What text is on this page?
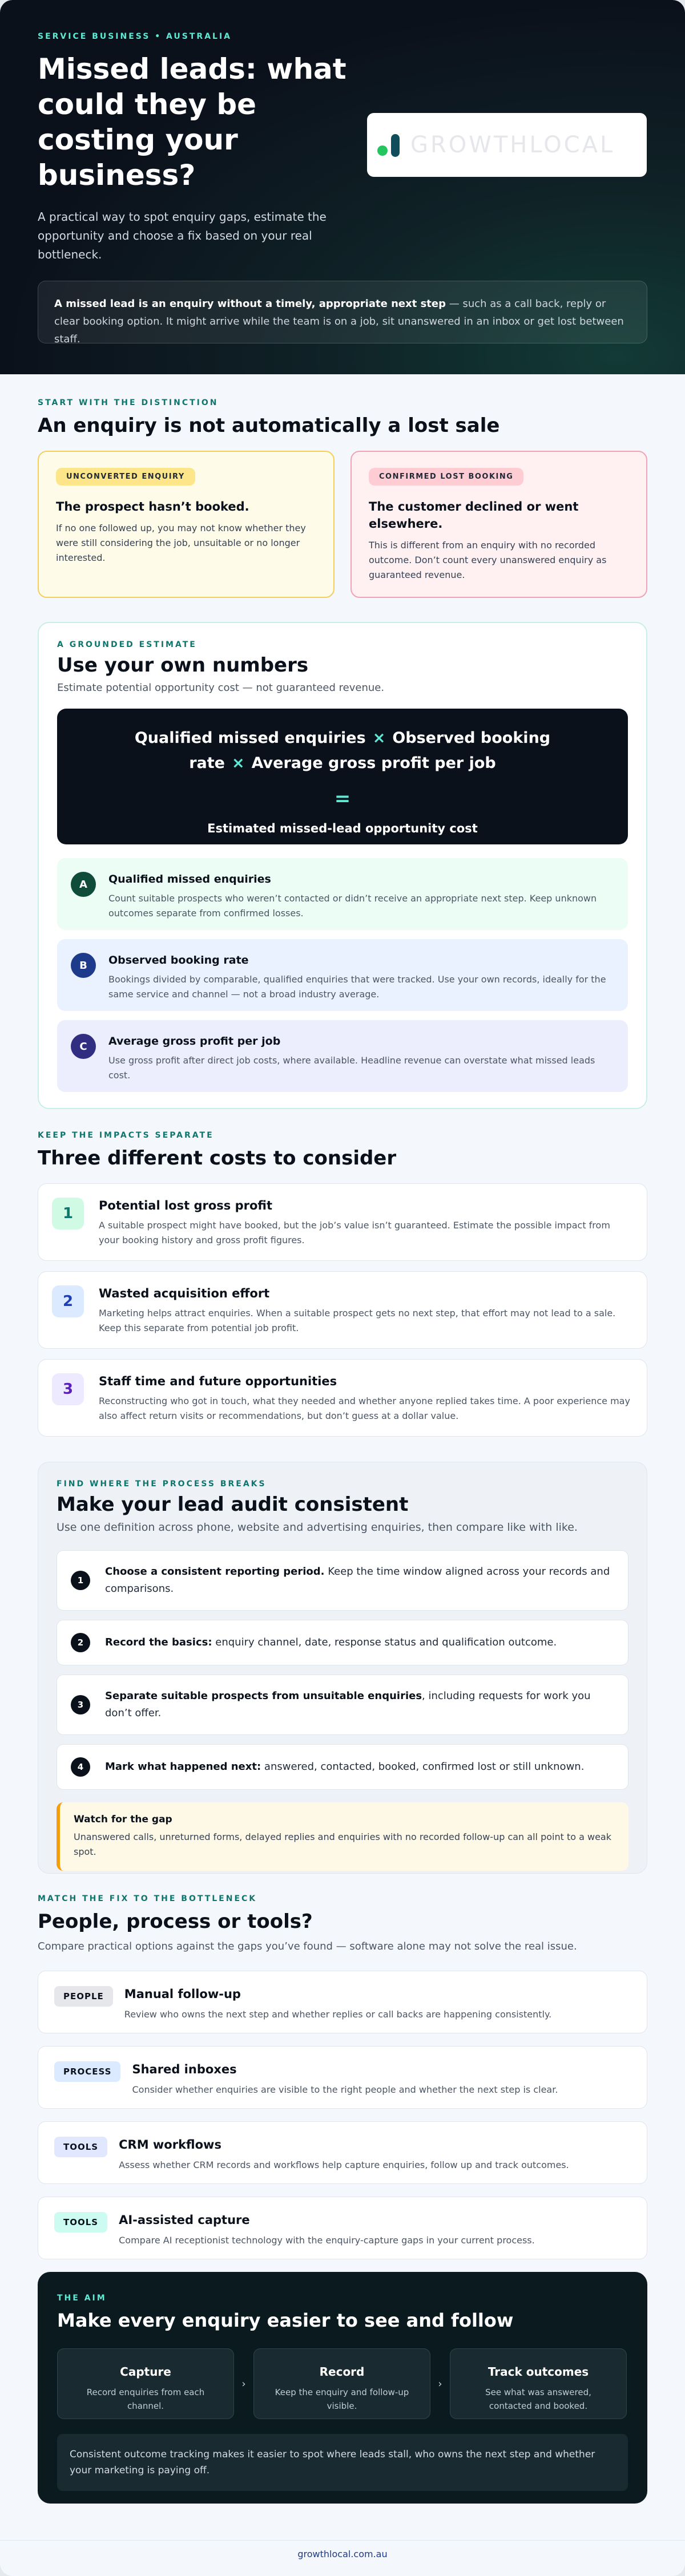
SERVICE BUSINESS • AUSTRALIA
Missed leads: what could they be costing your business?

A practical way to spot enquiry gaps, estimate the opportunity and choose a fix based on your real bottleneck.

GROWTHLOCAL
A missed lead is an enquiry without a timely, appropriate next step — such as a call back, reply or clear booking option. It might arrive while the team is on a job, sit unanswered in an inbox or get lost between staff.
START WITH THE DISTINCTION
An enquiry is not automatically a lost sale
UNCONVERTED ENQUIRY
The prospect hasn’t booked.
If no one followed up, you may not know whether they were still considering the job, unsuitable or no longer interested.
CONFIRMED LOST BOOKING
The customer declined or went elsewhere.
This is different from an enquiry with no recorded outcome. Don’t count every unanswered enquiry as guaranteed revenue.
A GROUNDED ESTIMATE
Use your own numbers

Estimate potential opportunity cost — not guaranteed revenue.

Qualified missed enquiries × Observed booking rate × Average gross profit per job
=
Estimated missed-lead opportunity cost
A	Qualified missed enquiries
Count suitable prospects who weren’t contacted or didn’t receive an appropriate next step. Keep unknown outcomes separate from confirmed losses.
B	Observed booking rate
Bookings divided by comparable, qualified enquiries that were tracked. Use your own records, ideally for the same service and channel — not a broad industry average.
C	Average gross profit per job
Use gross profit after direct job costs, where available. Headline revenue can overstate what missed leads cost.
KEEP THE IMPACTS SEPARATE
Three different costs to consider
1	Potential lost gross profit
A suitable prospect might have booked, but the job’s value isn’t guaranteed. Estimate the possible impact from your booking history and gross profit figures.
2	Wasted acquisition effort
Marketing helps attract enquiries. When a suitable prospect gets no next step, that effort may not lead to a sale. Keep this separate from potential job profit.
3	Staff time and future opportunities
Reconstructing who got in touch, what they needed and whether anyone replied takes time. A poor experience may also affect return visits or recommendations, but don’t guess at a dollar value.
FIND WHERE THE PROCESS BREAKS
Make your lead audit consistent

Use one definition across phone, website and advertising enquiries, then compare like with like.

1
Choose a consistent reporting period. Keep the time window aligned across your records and comparisons.
2	Record the basics: enquiry channel, date, response status and qualification outcome.
3
Separate suitable prospects from unsuitable enquiries, including requests for work you don’t offer.
4	Mark what happened next: answered, contacted, booked, confirmed lost or still unknown.
Watch for the gap
Unanswered calls, unreturned forms, delayed replies and enquiries with no recorded follow-up can all point to a weak spot.
MATCH THE FIX TO THE BOTTLENECK
People, process or tools?

Compare practical options against the gaps you’ve found — software alone may not solve the real issue.

PEOPLE	Manual follow-up
Review who owns the next step and whether replies or call backs are happening consistently.
PROCESS	Shared inboxes
Consider whether enquiries are visible to the right people and whether the next step is clear.
TOOLS	CRM workflows
Assess whether CRM records and workflows help capture enquiries, follow up and track outcomes.
TOOLS	AI-assisted capture
Compare AI receptionist technology with the enquiry-capture gaps in your current process.
THE AIM
Make every enquiry easier to see and follow
Capture
Record enquiries from each channel.
›
Record
Keep the enquiry and follow-up visible.
›
Track outcomes
See what was answered, contacted and booked.
Consistent outcome tracking makes it easier to spot where leads stall, who owns the next step and whether your marketing is paying off.
growthlocal.com.au
